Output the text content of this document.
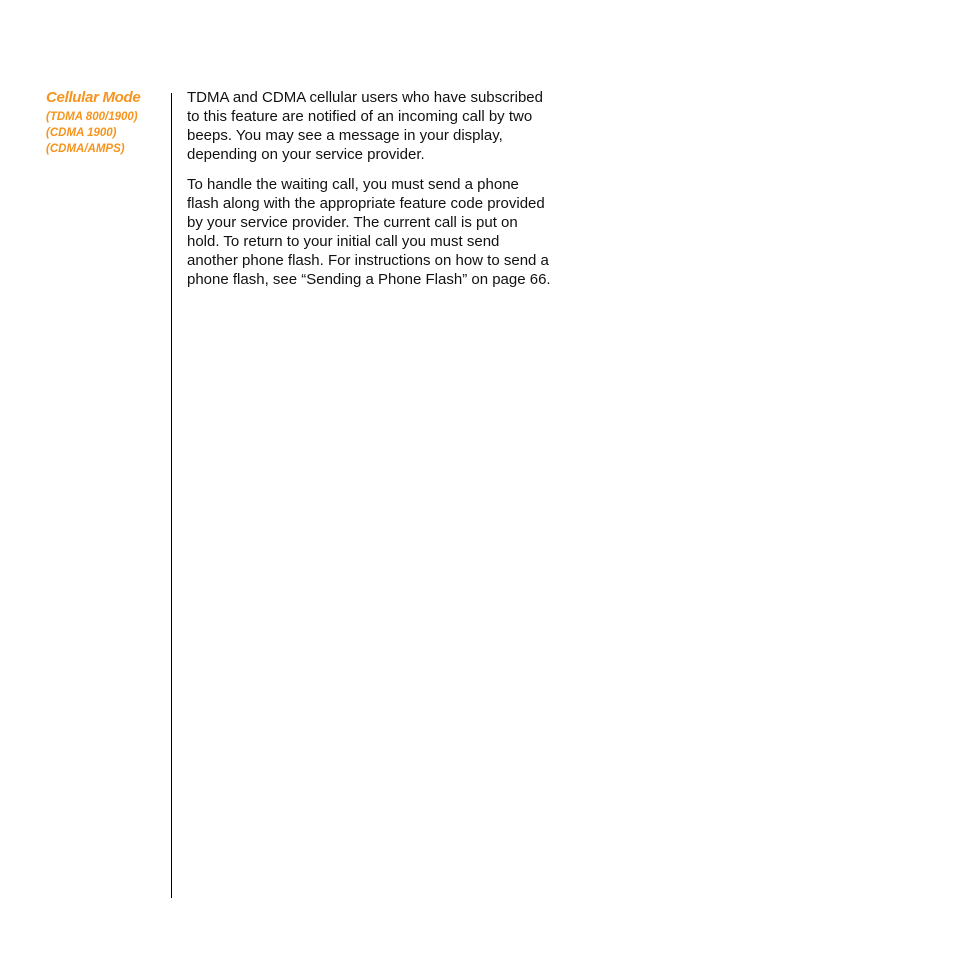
Cellular Mode
(TDMA 800/1900)
(CDMA 1900)
(CDMA/AMPS)

TDMA and CDMA cellular users who have subscribed to this feature are notified of an incoming call by two beeps. You may see a message in your display, depending on your service provider.

To handle the waiting call, you must send a phone flash along with the appropriate feature code provided by your service provider. The current call is put on hold. To return to your initial call you must send another phone flash. For instructions on how to send a phone flash, see “Sending a Phone Flash” on page 66.
